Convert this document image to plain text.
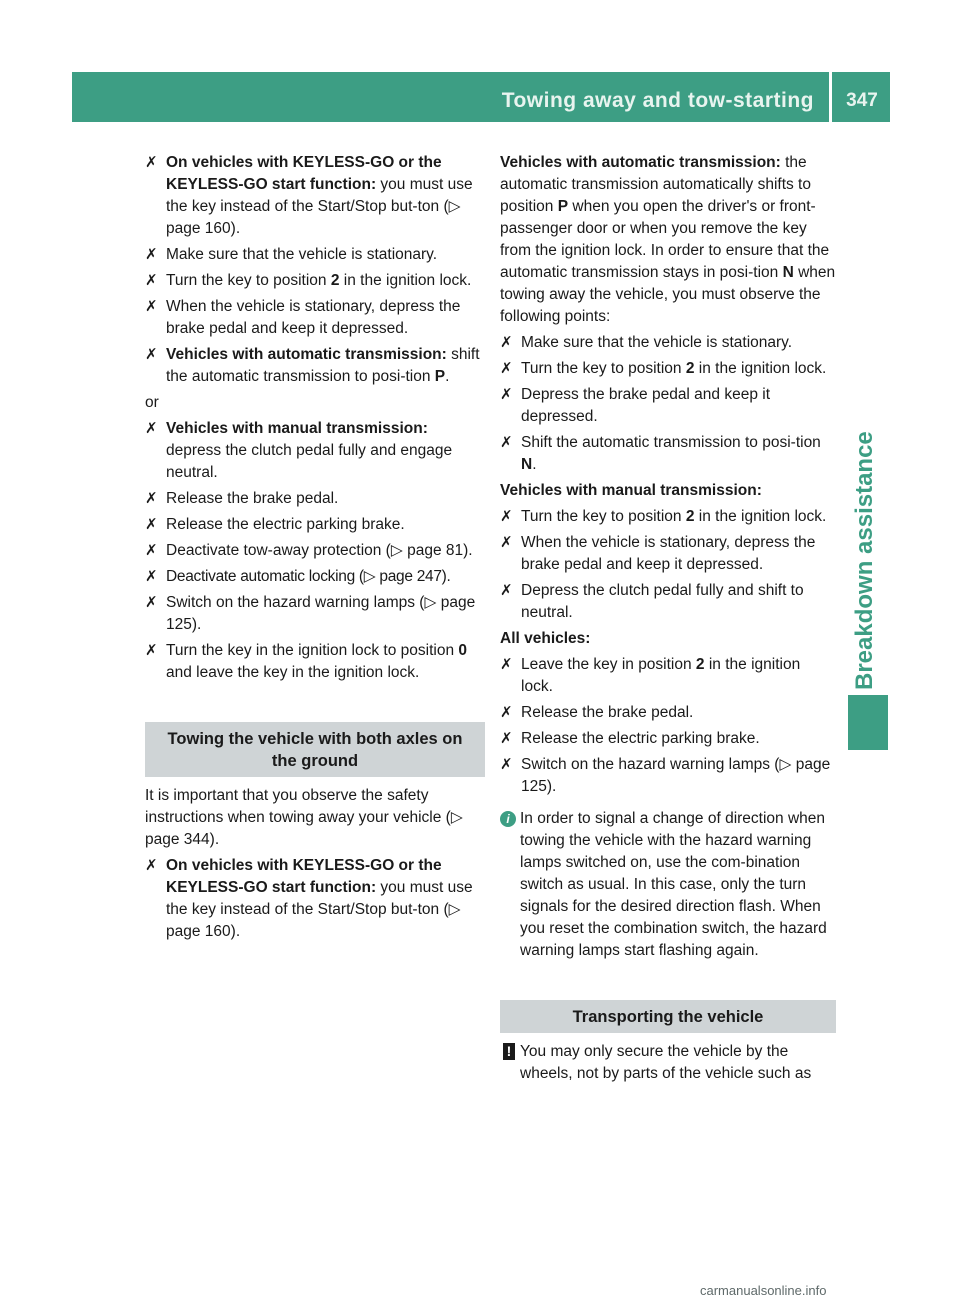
Towing away and tow-starting	347
Breakdown assistance
✗ On vehicles with KEYLESS-GO or the KEYLESS-GO start function: you must use the key instead of the Start/Stop but-ton (▷ page 160).
✗ Make sure that the vehicle is stationary.
✗ Turn the key to position 2 in the ignition lock.
✗ When the vehicle is stationary, depress the brake pedal and keep it depressed.
✗ Vehicles with automatic transmission: shift the automatic transmission to posi-tion P.
or
✗ Vehicles with manual transmission: depress the clutch pedal fully and engage neutral.
✗ Release the brake pedal.
✗ Release the electric parking brake.
✗ Deactivate tow-away protection (▷ page 81).
✗ Deactivate automatic locking (▷ page 247).
✗ Switch on the hazard warning lamps (▷ page 125).
✗ Turn the key in the ignition lock to position 0 and leave the key in the ignition lock.
Towing the vehicle with both axles on the ground
It is important that you observe the safety instructions when towing away your vehicle (▷ page 344).
✗ On vehicles with KEYLESS-GO or the KEYLESS-GO start function: you must use the key instead of the Start/Stop but-ton (▷ page 160).
Vehicles with automatic transmission: the automatic transmission automatically shifts to position P when you open the driver's or front-passenger door or when you remove the key from the ignition lock. In order to ensure that the automatic transmission stays in posi-tion N when towing away the vehicle, you must observe the following points:
✗ Make sure that the vehicle is stationary.
✗ Turn the key to position 2 in the ignition lock.
✗ Depress the brake pedal and keep it depressed.
✗ Shift the automatic transmission to posi-tion N.
Vehicles with manual transmission:
✗ Turn the key to position 2 in the ignition lock.
✗ When the vehicle is stationary, depress the brake pedal and keep it depressed.
✗ Depress the clutch pedal fully and shift to neutral.
All vehicles:
✗ Leave the key in position 2 in the ignition lock.
✗ Release the brake pedal.
✗ Release the electric parking brake.
✗ Switch on the hazard warning lamps (▷ page 125).
i In order to signal a change of direction when towing the vehicle with the hazard warning lamps switched on, use the com-bination switch as usual. In this case, only the turn signals for the desired direction flash. When you reset the combination switch, the hazard warning lamps start flashing again.
Transporting the vehicle
! You may only secure the vehicle by the wheels, not by parts of the vehicle such as
carmanualsonline.info
